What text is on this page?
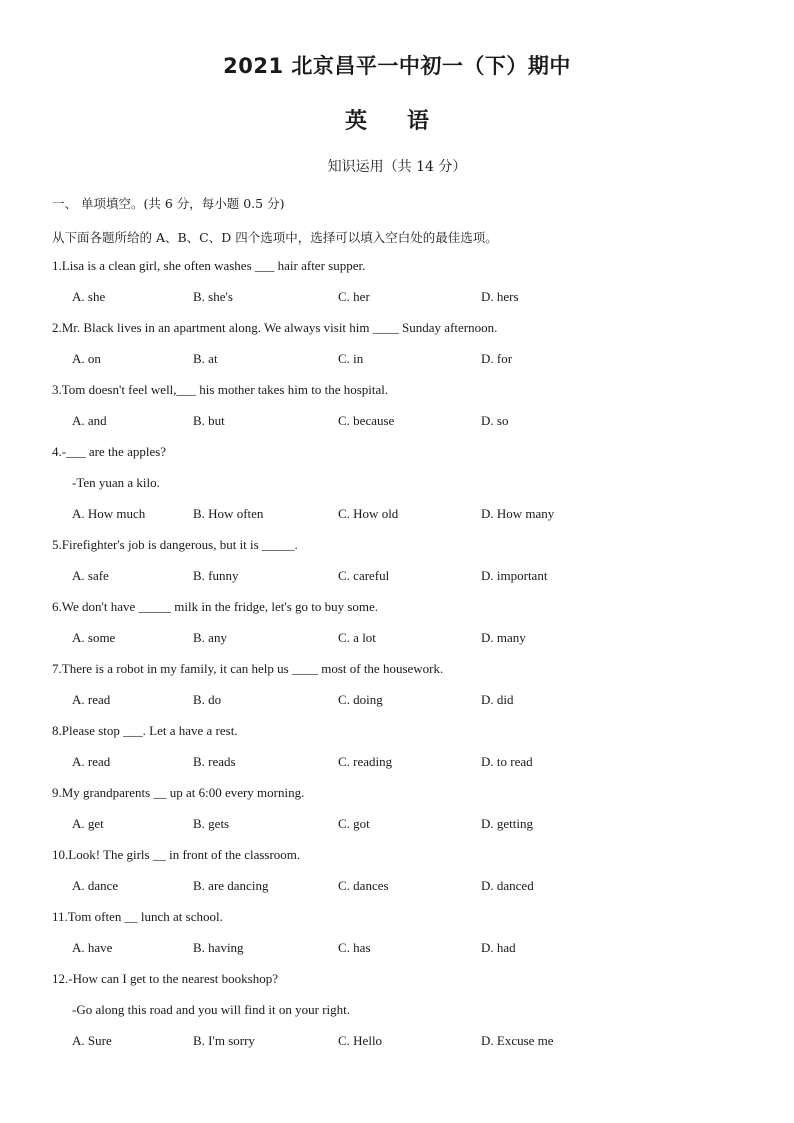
2021 北京昌平一中初一（下）期中
英语
知识运用（共 14 分）
一、 单项填空。(共 6 分，每小题 0.5 分)
从下面各题所给的 A、B、C、D 四个选项中，选择可以填入空白处的最佳选项。
1.Lisa is a clean girl, she often washes ___ hair after supper.
A. she	B. she's	C. her	D. hers
2.Mr. Black lives in an apartment along. We always visit him ____ Sunday afternoon.
A. on	B. at	C. in	D. for
3.Tom doesn't feel well,___ his mother takes him to the hospital.
A. and	B. but	C. because	D. so
4.-___ are the apples?
-Ten yuan a kilo.
A. How much	B. How often	C. How old	D. How many
5.Firefighter's job is dangerous, but it is _____.
A. safe	B. funny	C. careful	D. important
6.We don't have _____ milk in the fridge, let's go to buy some.
A. some	B. any	C. a lot	D. many
7.There is a robot in my family, it can help us ____ most of the housework.
A. read	B. do	C. doing	D. did
8.Please stop ___. Let a have a rest.
A. read	B. reads	C. reading	D. to read
9.My grandparents __ up at 6:00 every morning.
A. get	B. gets	C. got	D. getting
10.Look! The girls __ in front of the classroom.
A. dance	B. are dancing	C. dances	D. danced
11.Tom often __ lunch at school.
A. have	B. having	C. has	D. had
12.-How can I get to the nearest bookshop?
-Go along this road and you will find it on your right.
A. Sure	B. I'm sorry	C. Hello	D. Excuse me
